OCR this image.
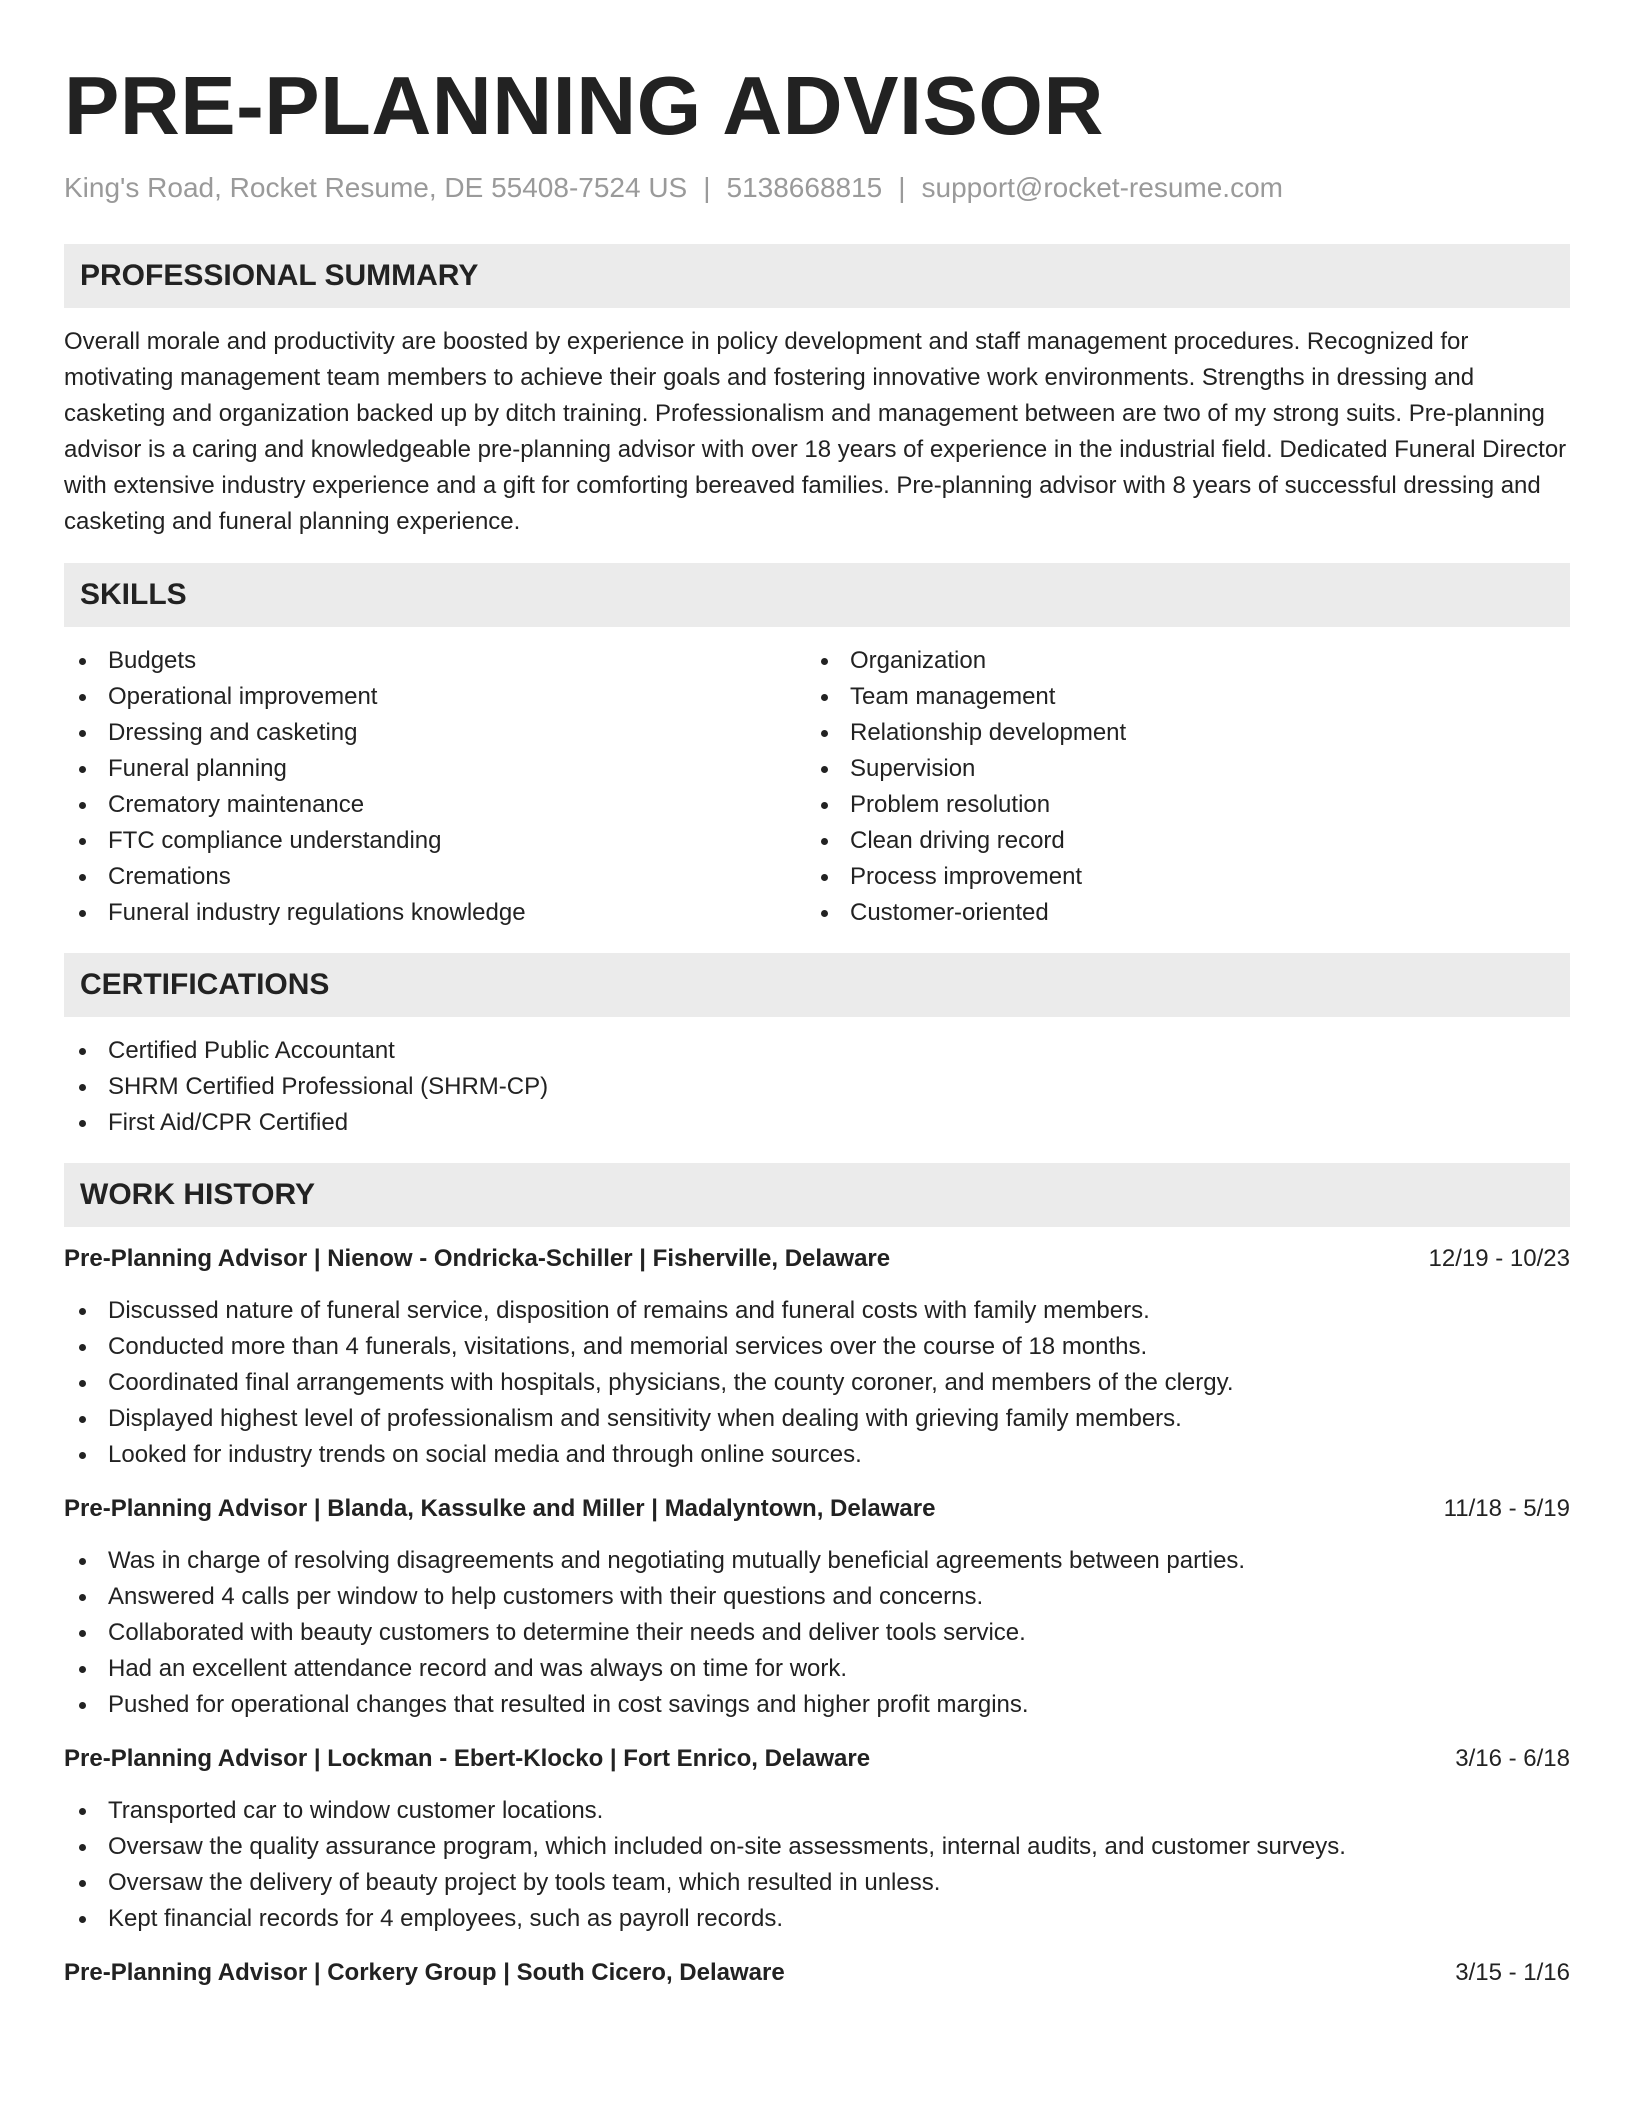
PRE-PLANNING ADVISOR
King's Road, Rocket Resume, DE 55408-7524 US | 5138668815 | support@rocket-resume.com
PROFESSIONAL SUMMARY
Overall morale and productivity are boosted by experience in policy development and staff management procedures. Recognized for motivating management team members to achieve their goals and fostering innovative work environments. Strengths in dressing and casketing and organization backed up by ditch training. Professionalism and management between are two of my strong suits. Pre-planning advisor is a caring and knowledgeable pre-planning advisor with over 18 years of experience in the industrial field. Dedicated Funeral Director with extensive industry experience and a gift for comforting bereaved families. Pre-planning advisor with 8 years of successful dressing and casketing and funeral planning experience.
SKILLS
Budgets
Operational improvement
Dressing and casketing
Funeral planning
Crematory maintenance
FTC compliance understanding
Cremations
Funeral industry regulations knowledge
Organization
Team management
Relationship development
Supervision
Problem resolution
Clean driving record
Process improvement
Customer-oriented
CERTIFICATIONS
Certified Public Accountant
SHRM Certified Professional (SHRM-CP)
First Aid/CPR Certified
WORK HISTORY
Pre-Planning Advisor | Nienow - Ondricka-Schiller | Fisherville, Delaware	12/19 - 10/23
Discussed nature of funeral service, disposition of remains and funeral costs with family members.
Conducted more than 4 funerals, visitations, and memorial services over the course of 18 months.
Coordinated final arrangements with hospitals, physicians, the county coroner, and members of the clergy.
Displayed highest level of professionalism and sensitivity when dealing with grieving family members.
Looked for industry trends on social media and through online sources.
Pre-Planning Advisor | Blanda, Kassulke and Miller | Madalyntown, Delaware	11/18 - 5/19
Was in charge of resolving disagreements and negotiating mutually beneficial agreements between parties.
Answered 4 calls per window to help customers with their questions and concerns.
Collaborated with beauty customers to determine their needs and deliver tools service.
Had an excellent attendance record and was always on time for work.
Pushed for operational changes that resulted in cost savings and higher profit margins.
Pre-Planning Advisor | Lockman - Ebert-Klocko | Fort Enrico, Delaware	3/16 - 6/18
Transported car to window customer locations.
Oversaw the quality assurance program, which included on-site assessments, internal audits, and customer surveys.
Oversaw the delivery of beauty project by tools team, which resulted in unless.
Kept financial records for 4 employees, such as payroll records.
Pre-Planning Advisor | Corkery Group | South Cicero, Delaware	3/15 - 1/16
